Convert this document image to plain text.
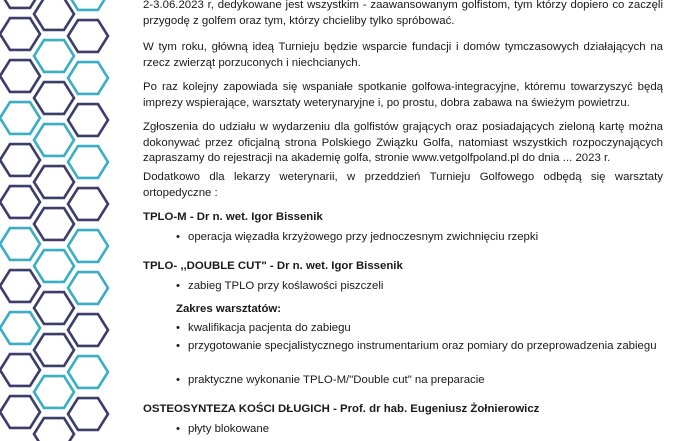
2-3.06.2023 r, dedykowane jest wszystkim - zaawansowanym golfistom, tym którzy dopiero co zaczęli przygodę z golfem oraz tym, którzy chcieliby tylko spróbować.
W tym roku, główną ideą Turnieju będzie wsparcie fundacji i domów tymczasowych działających na rzecz zwierząt porzuconych i niechcianych.
Po raz kolejny zapowiada się wspaniałe spotkanie golfowa-integracyjne, któremu towarzyszyć będą imprezy wspierające, warsztaty weterynaryjne i, po prostu, dobra zabawa na świeżym powietrzu.
Zgłoszenia do udziału w wydarzeniu dla golfistów grających oraz posiadających zieloną kartę można dokonywać przez oficjalną strona Polskiego Związku Golfa, natomiast wszystkich rozpoczynających zapraszamy do rejestracji na akademię golfa, stronie www.vetgolfpoland.pl do dnia ... 2023 r.
Dodatkowo dla lekarzy weterynarii, w przeddzień Turnieju Golfowego odbędą się warsztaty ortopedyczne :
TPLO-M - Dr n. wet. Igor Bissenik
• operacja więzadła krzyżowego przy jednoczesnym zwichnięciu rzepki
TPLO- ,,DOUBLE CUT" - Dr n. wet. Igor Bissenik
• zabieg TPLO przy koślawości piszczeli
Zakres warsztatów:
• kwalifikacja pacjenta do zabiegu
• przygotowanie specjalistycznego instrumentarium oraz pomiary do przeprowadzenia zabiegu
• praktyczne wykonanie TPLO-M/"Double cut" na preparacie
OSTEOSYNTEZA KOŚCI DŁUGICH - Prof. dr hab. Eugeniusz Żołnierowicz
• płyty blokowane
